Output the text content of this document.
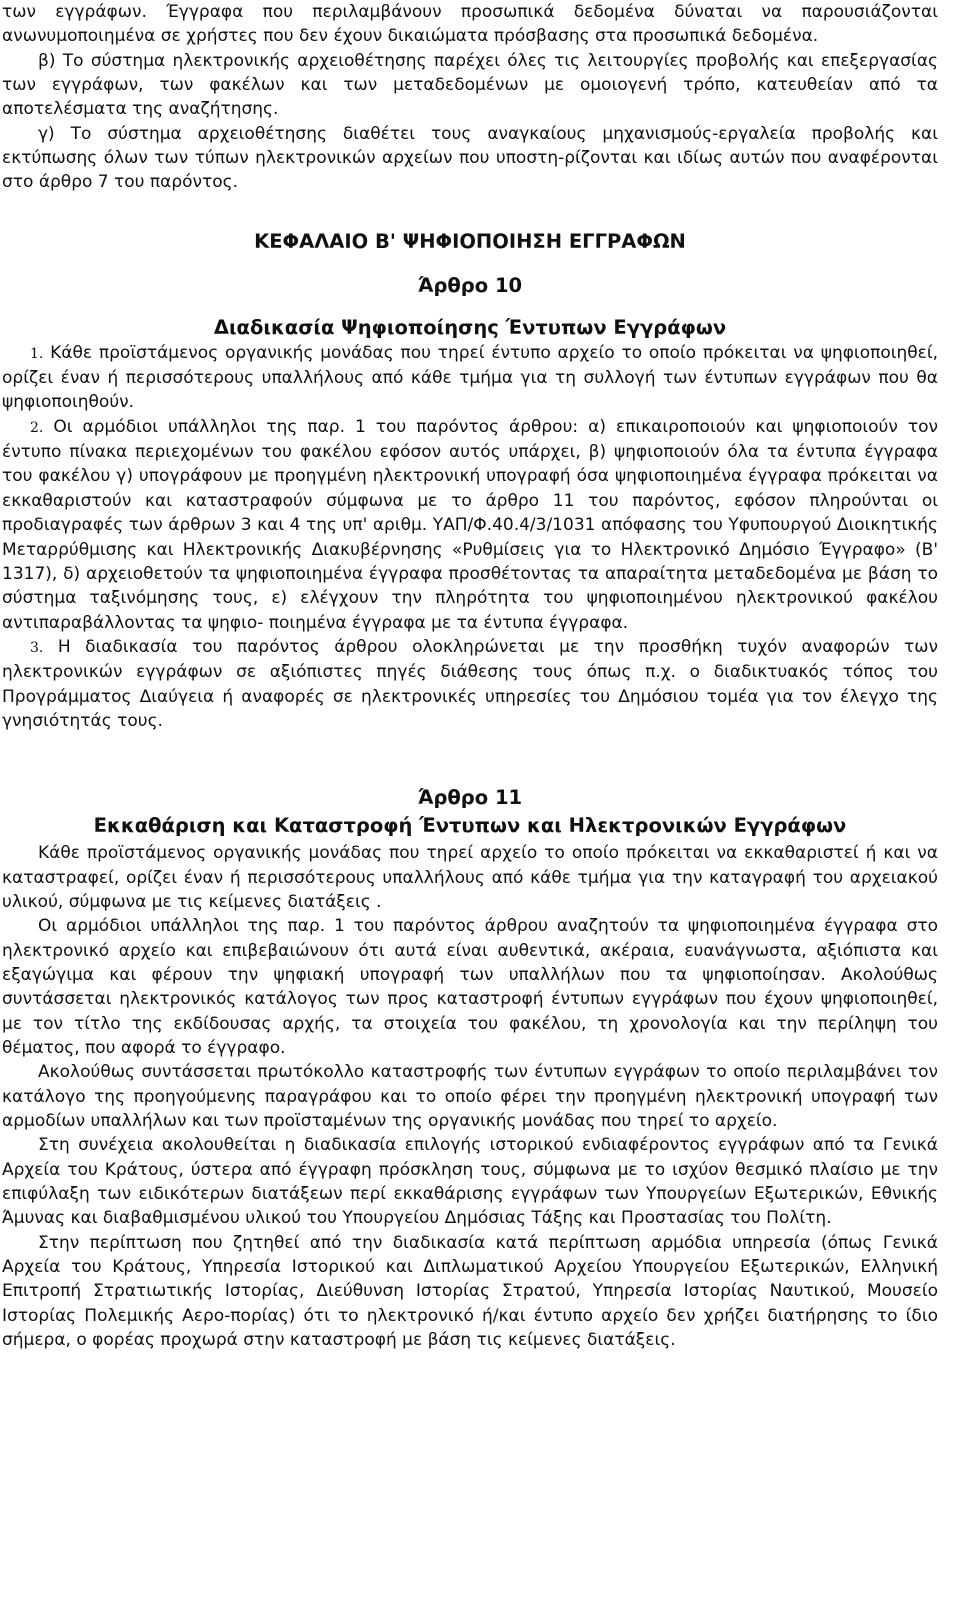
των εγγράφων. Έγγραφα που περιλαμβάνουν προσωπικά δεδομένα δύναται να παρουσιάζονται ανωνυμοποιημένα σε χρήστες που δεν έχουν δικαιώματα πρόσβασης στα προσωπικά δεδομένα.

β) Το σύστημα ηλεκτρονικής αρχειοθέτησης παρέχει όλες τις λειτουργίες προβολής και επεξεργασίας των εγγράφων, των φακέλων και των μεταδεδομένων με ομοιογενή τρόπο, κατευθείαν από τα αποτελέσματα της αναζήτησης.

γ) Το σύστημα αρχειοθέτησης διαθέτει τους αναγκαίους μηχανισμούς-εργαλεία προβολής και εκτύπωσης όλων των τύπων ηλεκτρονικών αρχείων που υποστη-ρίζονται και ιδίως αυτών που αναφέρονται στο άρθρο 7 του παρόντος.

ΚΕΦΑΛΑΙΟ Β' ΨΗΦΙΟΠΟΙΗΣΗ ΕΓΓΡΑΦΩΝ
Άρθρο 10
Διαδικασία Ψηφιοποίησης Έντυπων Εγγράφων

1. Κάθε προϊστάμενος οργανικής μονάδας που τηρεί έντυπο αρχείο το οποίο πρόκειται να ψηφιοποιηθεί, ορίζει έναν ή περισσότερους υπαλλήλους από κάθε τμήμα για τη συλλογή των έντυπων εγγράφων που θα ψηφιοποιηθούν.

2. Οι αρμόδιοι υπάλληλοι της παρ. 1 του παρόντος άρθρου: α) επικαιροποιούν και ψηφιοποιούν τον έντυπο πίνακα περιεχομένων του φακέλου εφόσον αυτός υπάρχει, β) ψηφιοποιούν όλα τα έντυπα έγγραφα του φακέλου γ) υπογράφουν με προηγμένη ηλεκτρονική υπογραφή όσα ψηφιοποιημένα έγγραφα πρόκειται να εκκαθαριστούν και καταστραφούν σύμφωνα με το άρθρο 11 του παρόντος, εφόσον πληρούνται οι προδιαγραφές των άρθρων 3 και 4 της υπ' αριθμ. ΥΑΠ/Φ.40.4/3/1031 απόφασης του Υφυπουργού Διοικητικής Μεταρρύθμισης και Ηλεκτρονικής Διακυβέρνησης «Ρυθμίσεις για το Ηλεκτρονικό Δημόσιο Έγγραφο» (Β' 1317), δ) αρχειοθετούν τα ψηφιοποιημένα έγγραφα προσθέτοντας τα απαραίτητα μεταδεδομένα με βάση το σύστημα ταξινόμησης τους, ε) ελέγχουν την πληρότητα του ψηφιοποιημένου ηλεκτρονικού φακέλου αντιπαραβάλλοντας τα ψηφιο- ποιημένα έγγραφα με τα έντυπα έγγραφα.

3. Η διαδικασία του παρόντος άρθρου ολοκληρώνεται με την προσθήκη τυχόν αναφορών των ηλεκτρονικών εγγράφων σε αξιόπιστες πηγές διάθεσης τους όπως π.χ. ο διαδικτυακός τόπος του Προγράμματος Διαύγεια ή αναφορές σε ηλεκτρονικές υπηρεσίες του Δημόσιου τομέα για τον έλεγχο της γνησιότητάς τους.

Άρθρο 11
Εκκαθάριση και Καταστροφή Έντυπων και Ηλεκτρονικών Εγγράφων

Κάθε προϊστάμενος οργανικής μονάδας που τηρεί αρχείο το οποίο πρόκειται να εκκαθαριστεί ή και να καταστραφεί, ορίζει έναν ή περισσότερους υπαλλήλους από κάθε τμήμα για την καταγραφή του αρχειακού υλικού, σύμφωνα με τις κείμενες διατάξεις .

Οι αρμόδιοι υπάλληλοι της παρ. 1 του παρόντος άρθρου αναζητούν τα ψηφιοποιημένα έγγραφα στο ηλεκτρονικό αρχείο και επιβεβαιώνουν ότι αυτά είναι αυθεντικά, ακέραια, ευανάγνωστα, αξιόπιστα και εξαγώγιμα και φέρουν την ψηφιακή υπογραφή των υπαλλήλων που τα ψηφιοποίησαν. Ακολούθως συντάσσεται ηλεκτρονικός κατάλογος των προς καταστροφή έντυπων εγγράφων που έχουν ψηφιοποιηθεί, με τον τίτλο της εκδίδουσας αρχής, τα στοιχεία του φακέλου, τη χρονολογία και την περίληψη του θέματος, που αφορά το έγγραφο.

Ακολούθως συντάσσεται πρωτόκολλο καταστροφής των έντυπων εγγράφων το οποίο περιλαμβάνει τον κατάλογο της προηγούμενης παραγράφου και το οποίο φέρει την προηγμένη ηλεκτρονική υπογραφή των αρμοδίων υπαλλήλων και των προϊσταμένων της οργανικής μονάδας που τηρεί το αρχείο.

Στη συνέχεια ακολουθείται η διαδικασία επιλογής ιστορικού ενδιαφέροντος εγγράφων από τα Γενικά Αρχεία του Κράτους, ύστερα από έγγραφη πρόσκληση τους, σύμφωνα με το ισχύον θεσμικό πλαίσιο με την επιφύλαξη των ειδικότερων διατάξεων περί εκκαθάρισης εγγράφων των Υπουργείων Εξωτερικών, Εθνικής Άμυνας και διαβαθμισμένου υλικού του Υπουργείου Δημόσιας Τάξης και Προστασίας του Πολίτη.

Στην περίπτωση που ζητηθεί από την διαδικασία κατά περίπτωση αρμόδια υπηρεσία (όπως Γενικά Αρχεία του Κράτους, Υπηρεσία Ιστορικού και Διπλωματικού Αρχείου Υπουργείου Εξωτερικών, Ελληνική Επιτροπή Στρατιωτικής Ιστορίας, Διεύθυνση Ιστορίας Στρατού, Υπηρεσία Ιστορίας Ναυτικού, Μουσείο Ιστορίας Πολεμικής Αερο-πορίας) ότι το ηλεκτρονικό ή/και έντυπο αρχείο δεν χρήζει διατήρησης το ίδιο σήμερα, ο φορέας προχωρά στην καταστροφή με βάση τις κείμενες διατάξεις.
